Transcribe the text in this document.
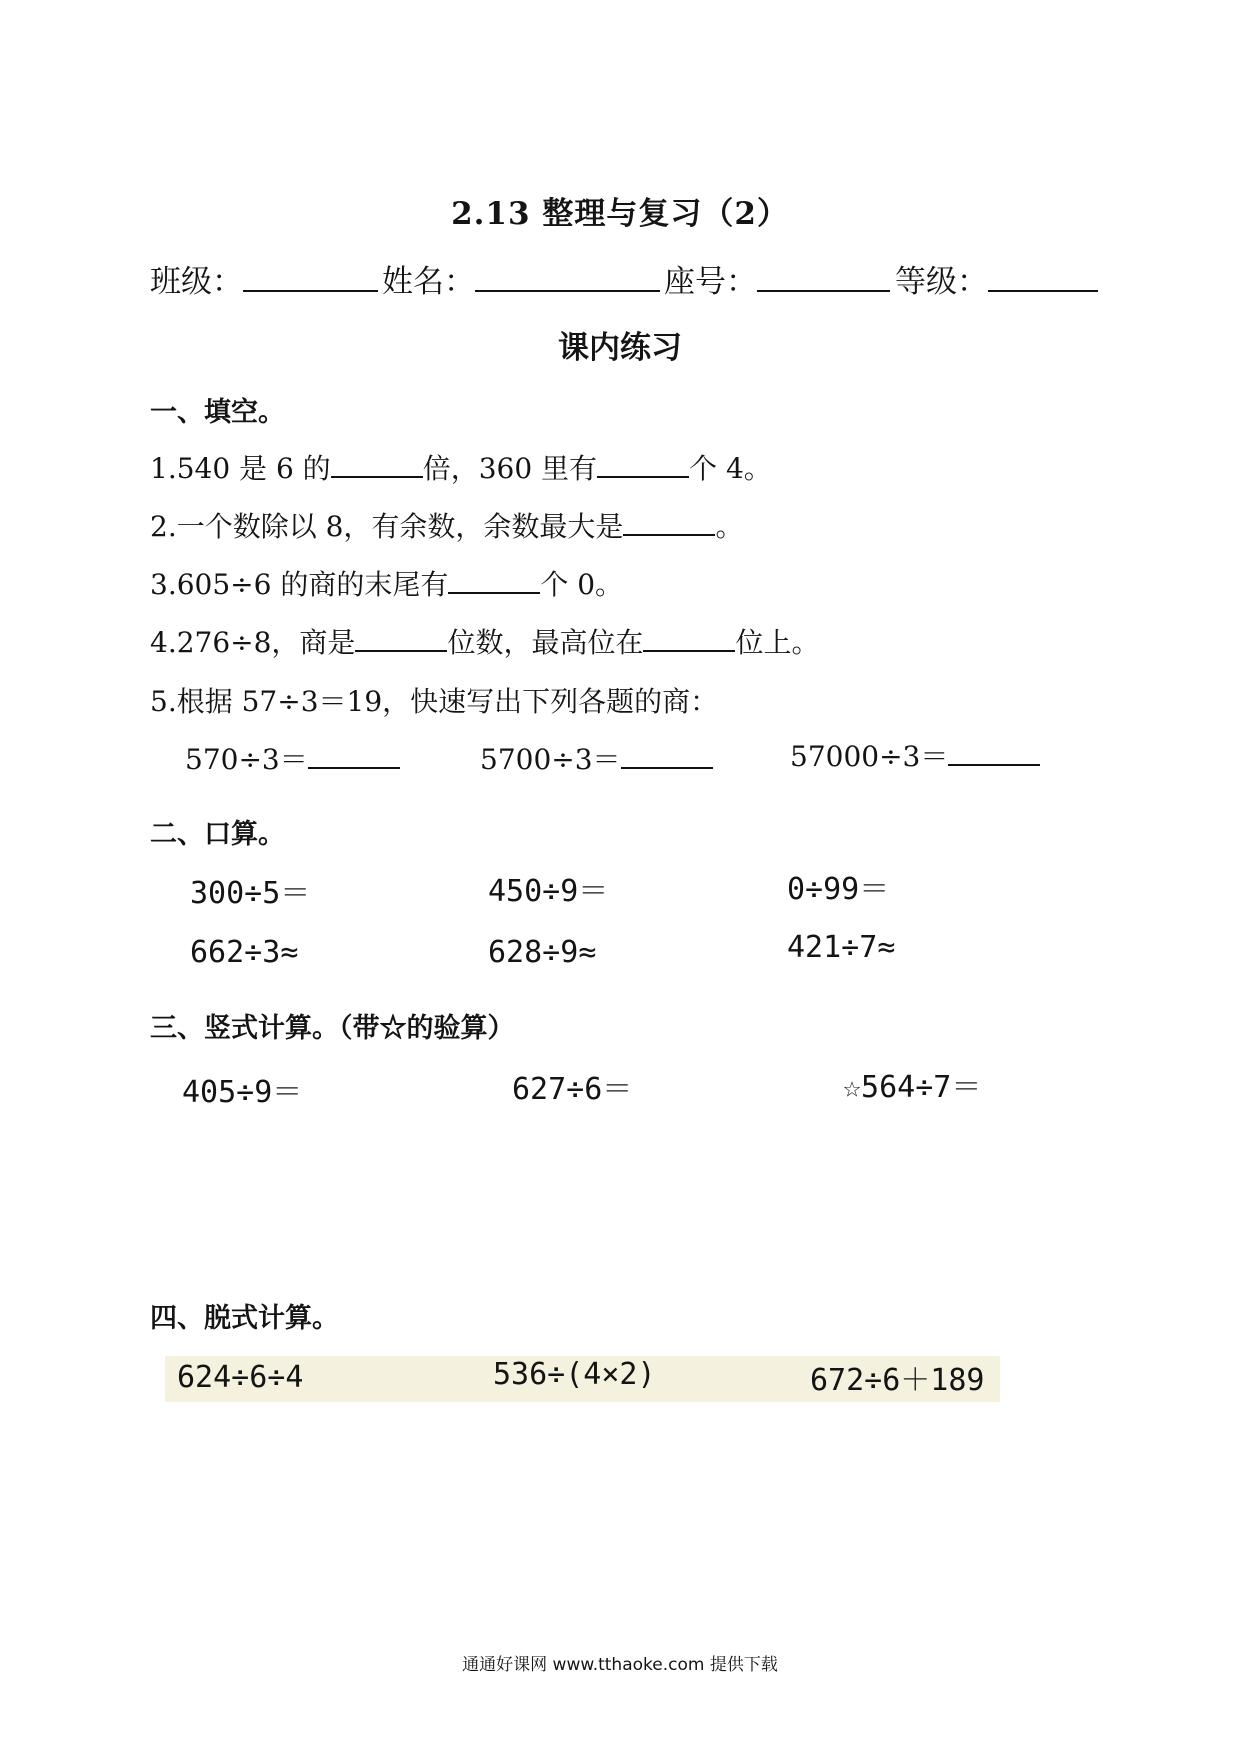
2.13 整理与复习（2）
班级：	姓名：	座号：	等级：
课内练习
一、填空。
1.540 是 6 的	倍，360 里有	个 4。
2.一个数除以 8，有余数，余数最大是	。
3.605÷6 的商的末尾有	个 0。
4.276÷8，商是	位数，最高位在	位上。
5.根据 57÷3＝19，快速写出下列各题的商：
570÷3＝	5700÷3＝	57000÷3＝
二、口算。
300÷5＝	450÷9＝	0÷99＝
662÷3≈	628÷9≈	421÷7≈
三、竖式计算。（带☆的验算）
405÷9＝	627÷6＝	☆564÷7＝
四、脱式计算。
624÷6÷4	536÷(4×2)	672÷6＋189
通通好课网 www.tthaoke.com 提供下载
